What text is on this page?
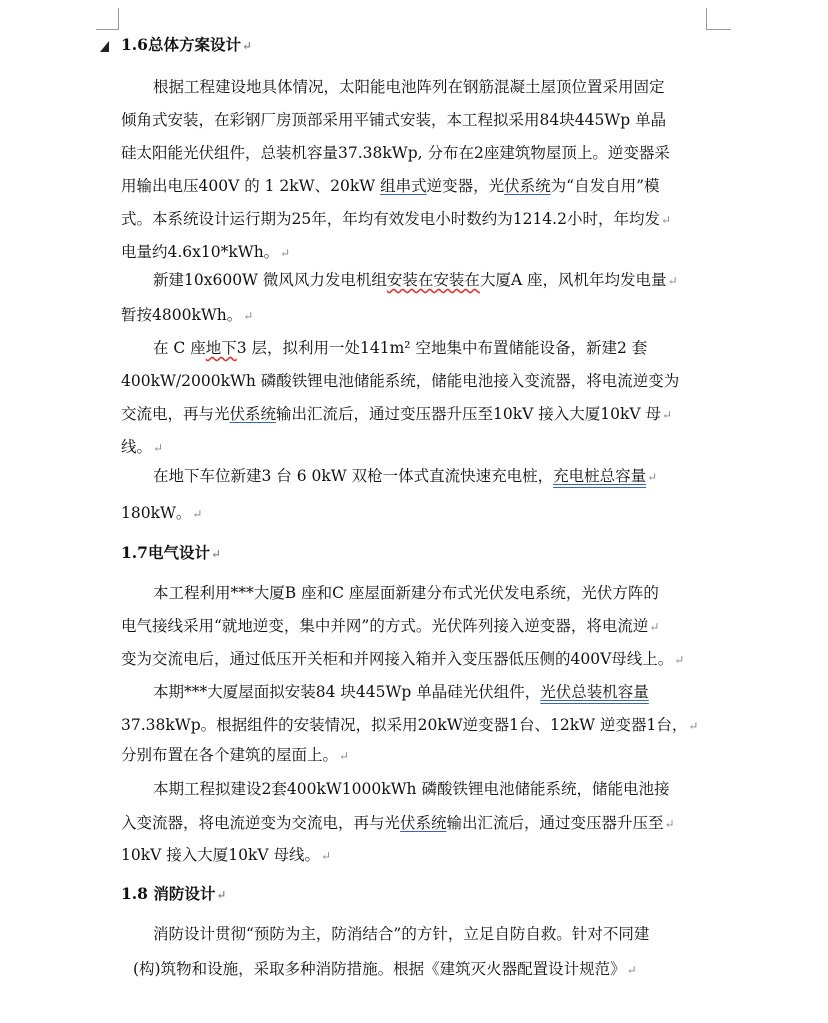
1.6总体方案设计↵
根据工程建设地具体情况，太阳能电池阵列在钢筋混凝土屋顶位置采用固定
倾角式安装，在彩钢厂房顶部采用平铺式安装，本工程拟采用84块445Wp 单晶
硅太阳能光伏组件，总装机容量37.38kWp, 分布在2座建筑物屋顶上。逆变器采
用输出电压400V 的 1 2kW、20kW 组串式逆变器，光伏系统为“自发自用”模
式。本系统设计运行期为25年，年均有效发电小时数约为1214.2小时，年均发↵
电量约4.6x10*kWh。↵
新建10x600W 微风风力发电机组安装在安装在大厦A 座，风机年均发电量↵
暂按4800kWh。↵
在 C 座地下3 层，拟利用一处141m² 空地集中布置储能设备，新建2 套
400kW/2000kWh 磷酸铁锂电池储能系统，储能电池接入变流器，将电流逆变为
交流电，再与光伏系统输出汇流后，通过变压器升压至10kV 接入大厦10kV 母↵
线。↵
在地下车位新建3 台 6 0kW 双枪一体式直流快速充电桩，充电桩总容量↵
180kW。↵
1.7电气设计↵
本工程利用***大厦B 座和C 座屋面新建分布式光伏发电系统，光伏方阵的
电气接线采用“就地逆变，集中并网”的方式。光伏阵列接入逆变器，将电流逆↵
变为交流电后，通过低压开关柜和并网接入箱并入变压器低压侧的400V母线上。↵
本期***大厦屋面拟安装84 块445Wp 单晶硅光伏组件，光伏总装机容量
37.38kWp。根据组件的安装情况，拟采用20kW逆变器1台、12kW 逆变器1台，↵
分别布置在各个建筑的屋面上。↵
本期工程拟建设2套400kW1000kWh 磷酸铁锂电池储能系统，储能电池接
入变流器，将电流逆变为交流电，再与光伏系统输出汇流后，通过变压器升压至↵
10kV 接入大厦10kV 母线。↵
1.8 消防设计↵
消防设计贯彻“预防为主，防消结合”的方针，立足自防自救。针对不同建
(构)筑物和设施，采取多种消防措施。根据《建筑灭火器配置设计规范》↵
